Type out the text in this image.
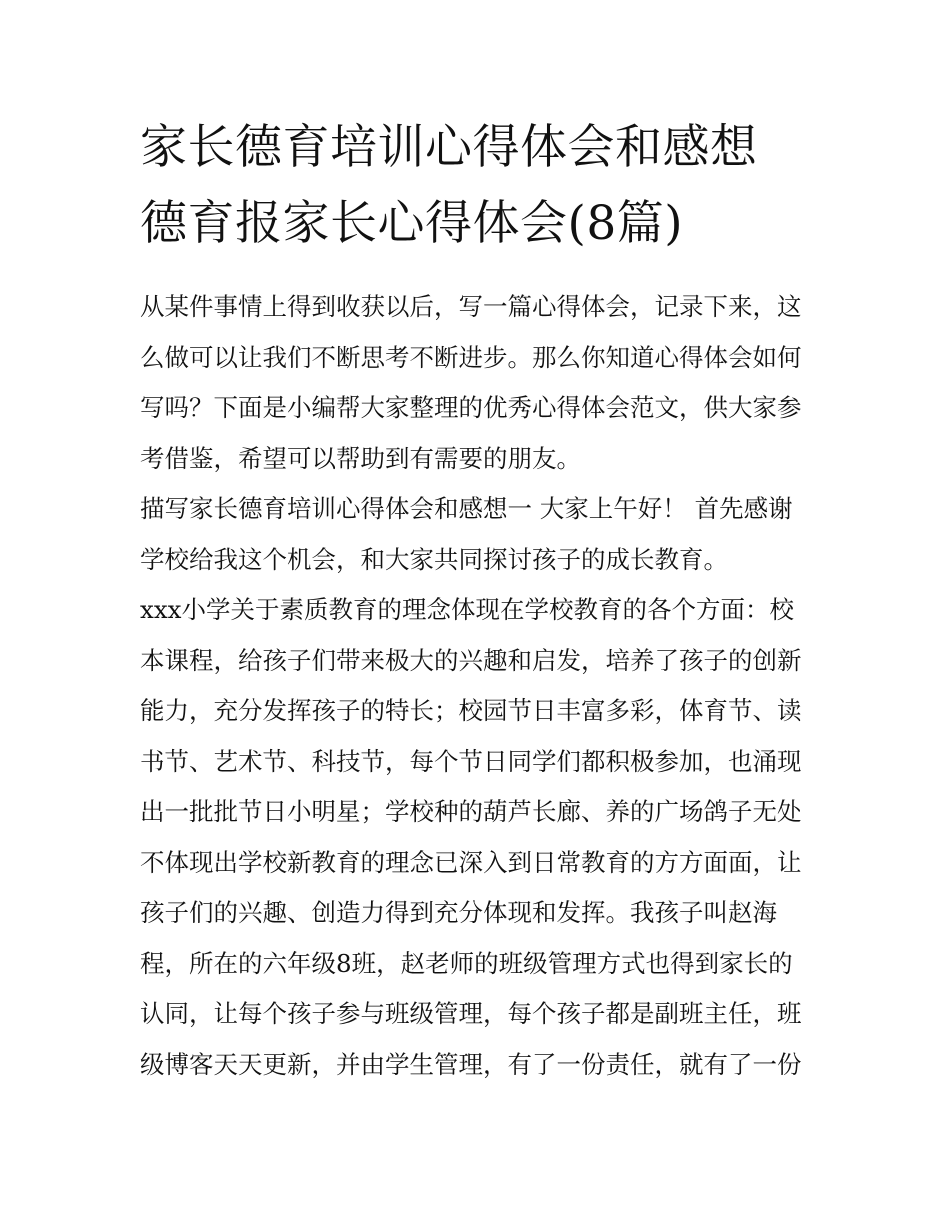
家长德育培训心得体会和感想
德育报家长心得体会(8篇)

从某件事情上得到收获以后，写一篇心得体会，记录下来，这
么做可以让我们不断思考不断进步。那么你知道心得体会如何
写吗？下面是小编帮大家整理的优秀心得体会范文，供大家参
考借鉴，希望可以帮助到有需要的朋友。

描写家长德育培训心得体会和感想一 大家上午好！ 首先感谢
学校给我这个机会，和大家共同探讨孩子的成长教育。

xxx小学关于素质教育的理念体现在学校教育的各个方面：校
本课程，给孩子们带来极大的兴趣和启发，培养了孩子的创新
能力，充分发挥孩子的特长；校园节日丰富多彩，体育节、读
书节、艺术节、科技节，每个节日同学们都积极参加，也涌现
出一批批节日小明星；学校种的葫芦长廊、养的广场鸽子无处
不体现出学校新教育的理念已深入到日常教育的方方面面，让
孩子们的兴趣、创造力得到充分体现和发挥。我孩子叫赵海
程，所在的六年级8班，赵老师的班级管理方式也得到家长的
认同，让每个孩子参与班级管理，每个孩子都是副班主任，班
级博客天天更新，并由学生管理，有了一份责任，就有了一份
